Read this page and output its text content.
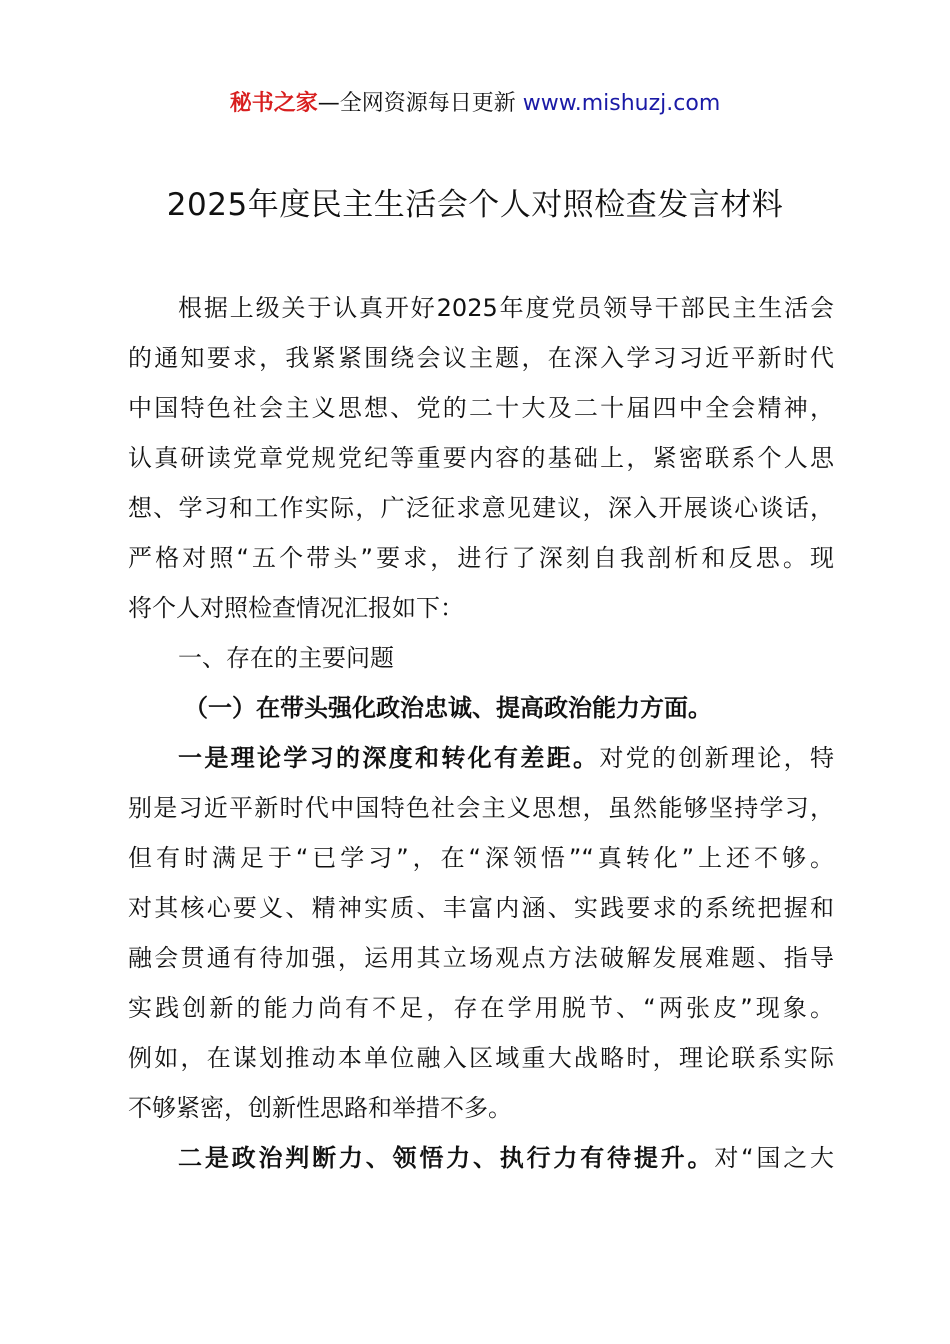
秘书之家—全网资源每日更新 www.mishuzj.com
2025年度民主生活会个人对照检查发言材料
根据上级关于认真开好2025年度党员领导干部民主生活会
的通知要求，我紧紧围绕会议主题，在深入学习习近平新时代
中国特色社会主义思想、党的二十大及二十届四中全会精神，
认真研读党章党规党纪等重要内容的基础上，紧密联系个人思
想、学习和工作实际，广泛征求意见建议，深入开展谈心谈话，
严格对照“五个带头”要求，进行了深刻自我剖析和反思。现
将个人对照检查情况汇报如下：
一、存在的主要问题
（一）在带头强化政治忠诚、提高政治能力方面。
一是理论学习的深度和转化有差距。对党的创新理论，特
别是习近平新时代中国特色社会主义思想，虽然能够坚持学习，
但有时满足于“已学习”，在“深领悟”“真转化”上还不够。
对其核心要义、精神实质、丰富内涵、实践要求的系统把握和
融会贯通有待加强，运用其立场观点方法破解发展难题、指导
实践创新的能力尚有不足，存在学用脱节、“两张皮”现象。
例如，在谋划推动本单位融入区域重大战略时，理论联系实际
不够紧密，创新性思路和举措不多。
二是政治判断力、领悟力、执行力有待提升。对“国之大
